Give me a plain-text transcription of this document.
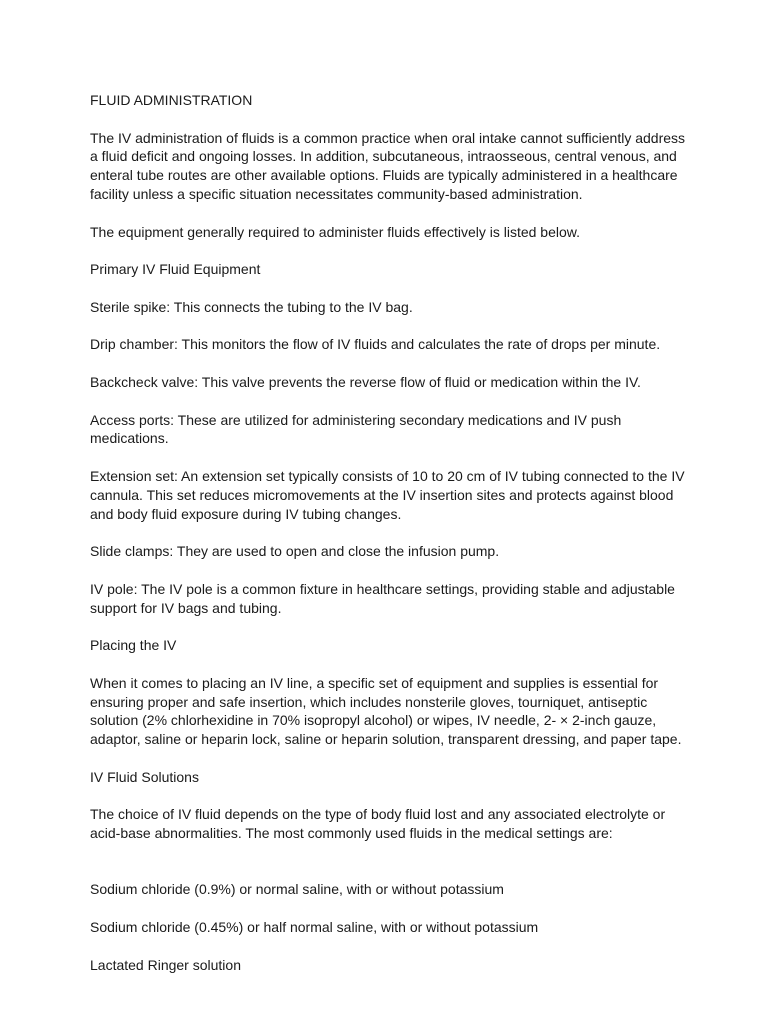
FLUID ADMINISTRATION

The IV administration of fluids is a common practice when oral intake cannot sufficiently address a fluid deficit and ongoing losses. In addition, subcutaneous, intraosseous, central venous, and enteral tube routes are other available options. Fluids are typically administered in a healthcare facility unless a specific situation necessitates community-based administration.

The equipment generally required to administer fluids effectively is listed below.

Primary IV Fluid Equipment

Sterile spike: This connects the tubing to the IV bag.

Drip chamber: This monitors the flow of IV fluids and calculates the rate of drops per minute.

Backcheck valve: This valve prevents the reverse flow of fluid or medication within the IV.

Access ports: These are utilized for administering secondary medications and IV push medications.

Extension set: An extension set typically consists of 10 to 20 cm of IV tubing connected to the IV cannula. This set reduces micromovements at the IV insertion sites and protects against blood and body fluid exposure during IV tubing changes.

Slide clamps: They are used to open and close the infusion pump.

IV pole: The IV pole is a common fixture in healthcare settings, providing stable and adjustable support for IV bags and tubing.

Placing the IV

When it comes to placing an IV line, a specific set of equipment and supplies is essential for ensuring proper and safe insertion, which includes nonsterile gloves, tourniquet, antiseptic solution (2% chlorhexidine in 70% isopropyl alcohol) or wipes, IV needle, 2- × 2-inch gauze, adaptor, saline or heparin lock, saline or heparin solution, transparent dressing, and paper tape.

IV Fluid Solutions

The choice of IV fluid depends on the type of body fluid lost and any associated electrolyte or acid-base abnormalities. The most commonly used fluids in the medical settings are:

Sodium chloride (0.9%) or normal saline, with or without potassium

Sodium chloride (0.45%) or half normal saline, with or without potassium

Lactated Ringer solution
